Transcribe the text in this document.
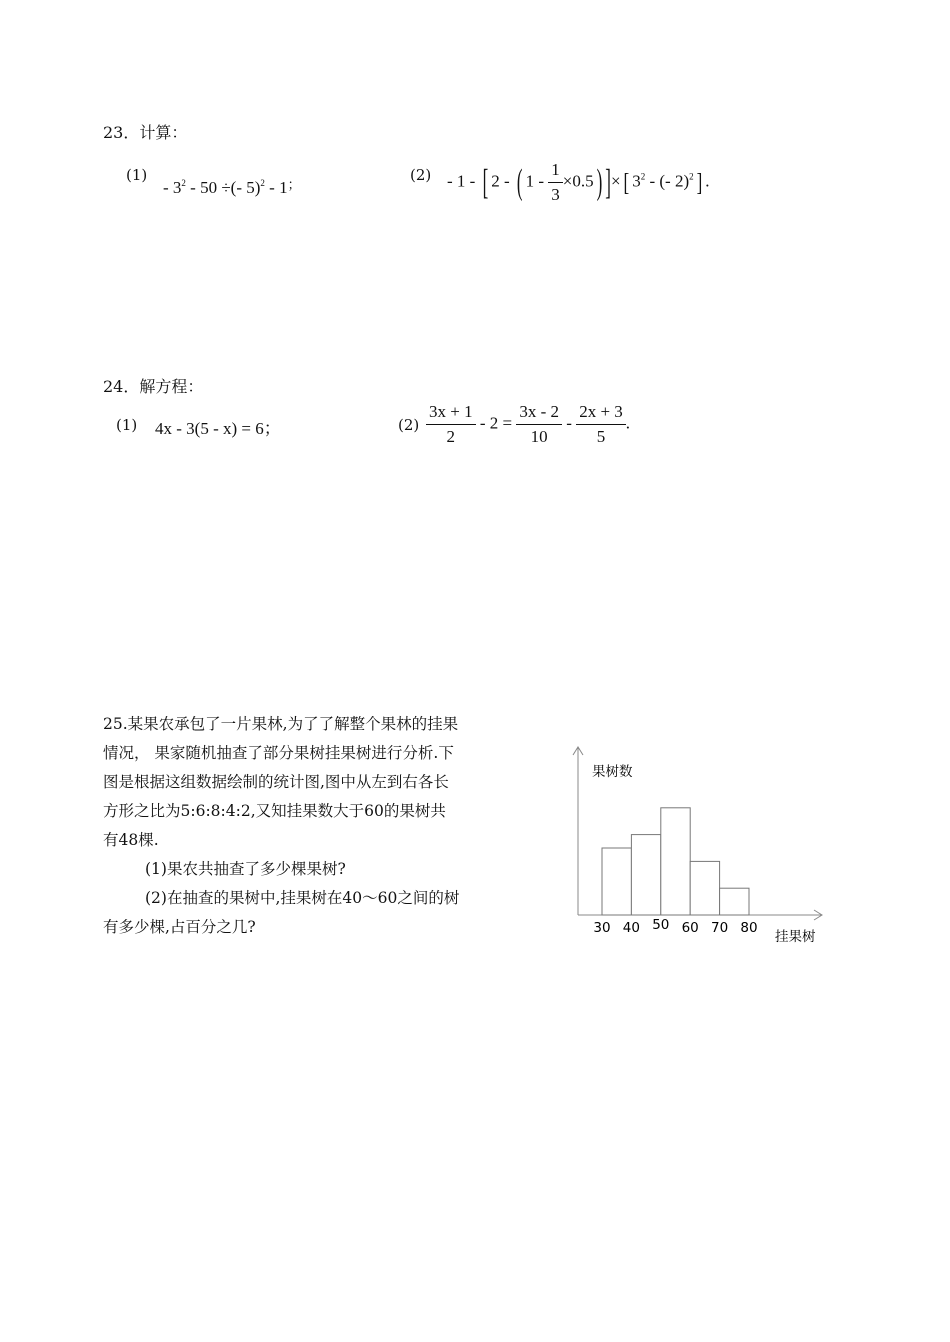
23．计算：
(1)
- $3^2 - 50$ ÷(- 5)$^2$ - 1；
(2) - 1 - [ 2 - ( $1 - \frac{1}{3} \times 0.5$ ) ]× [ $3^2$ - (- 2)$^2$ ] .
24．解方程：
(1) 4x - 3(5 - x) = 6；	$(2) \frac{3x + 1}{2} - 2 = \frac{3x - 2}{10} - \frac{2x + 3}{5}$ .
25.某果农承包了一片果林,为了了解整个果林的挂果
情况， 果家随机抽查了部分果树挂果树进行分析.下
图是根据这组数据绘制的统计图,图中从左到右各长
方形之比为5:6:8:4:2,又知挂果数大于60的果树共
有48棵.
(1)果农共抽查了多少棵果树?
(2)在抽查的果树中,挂果树在40～60之间的树
有多少棵,占百分之几?	30 40 50 60 70 80
果树数
挂果树
